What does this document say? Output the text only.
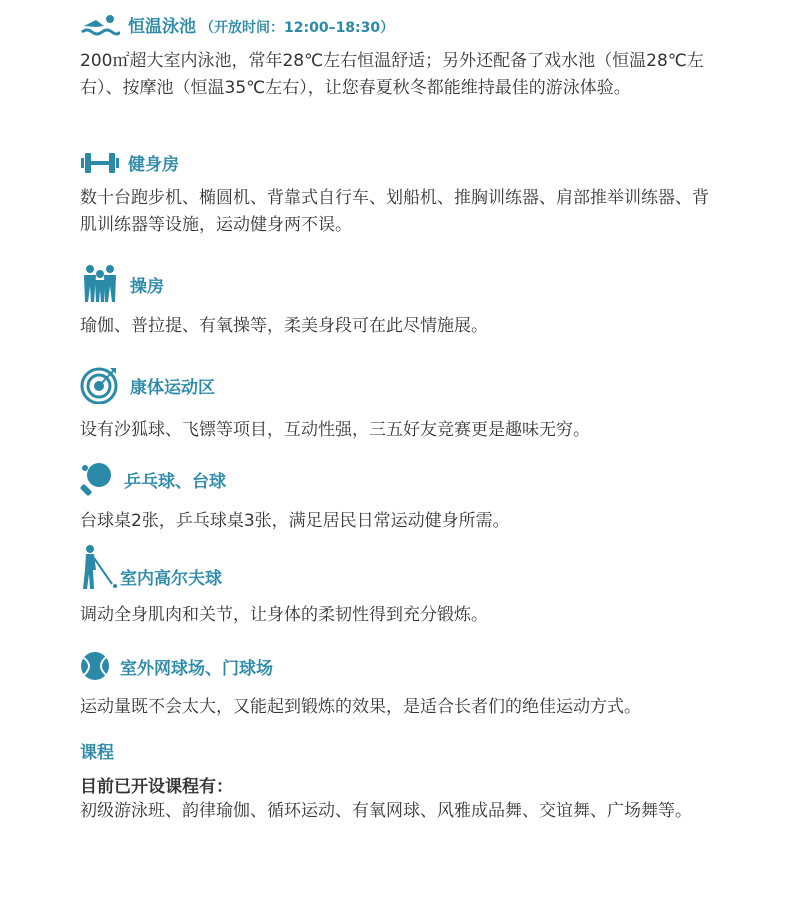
恒温泳池 （开放时间：12:00–18:30）
200㎡超大室内泳池，常年28℃左右恒温舒适；另外还配备了戏水池（恒温28℃左右）、按摩池（恒温35℃左右），让您春夏秋冬都能维持最佳的游泳体验。
健身房
数十台跑步机、椭圆机、背靠式自行车、划船机、推胸训练器、肩部推举训练器、背肌训练器等设施，运动健身两不误。
操房
瑜伽、普拉提、有氧操等，柔美身段可在此尽情施展。
康体运动区
设有沙狐球、飞镖等项目，互动性强，三五好友竞赛更是趣味无穷。
乒乓球、台球
台球桌2张，乒乓球桌3张，满足居民日常运动健身所需。
室内高尔夫球
调动全身肌肉和关节，让身体的柔韧性得到充分锻炼。
室外网球场、门球场
运动量既不会太大，又能起到锻炼的效果，是适合长者们的绝佳运动方式。
课程
目前已开设课程有：
初级游泳班、韵律瑜伽、循环运动、有氧网球、风雅成品舞、交谊舞、广场舞等。
